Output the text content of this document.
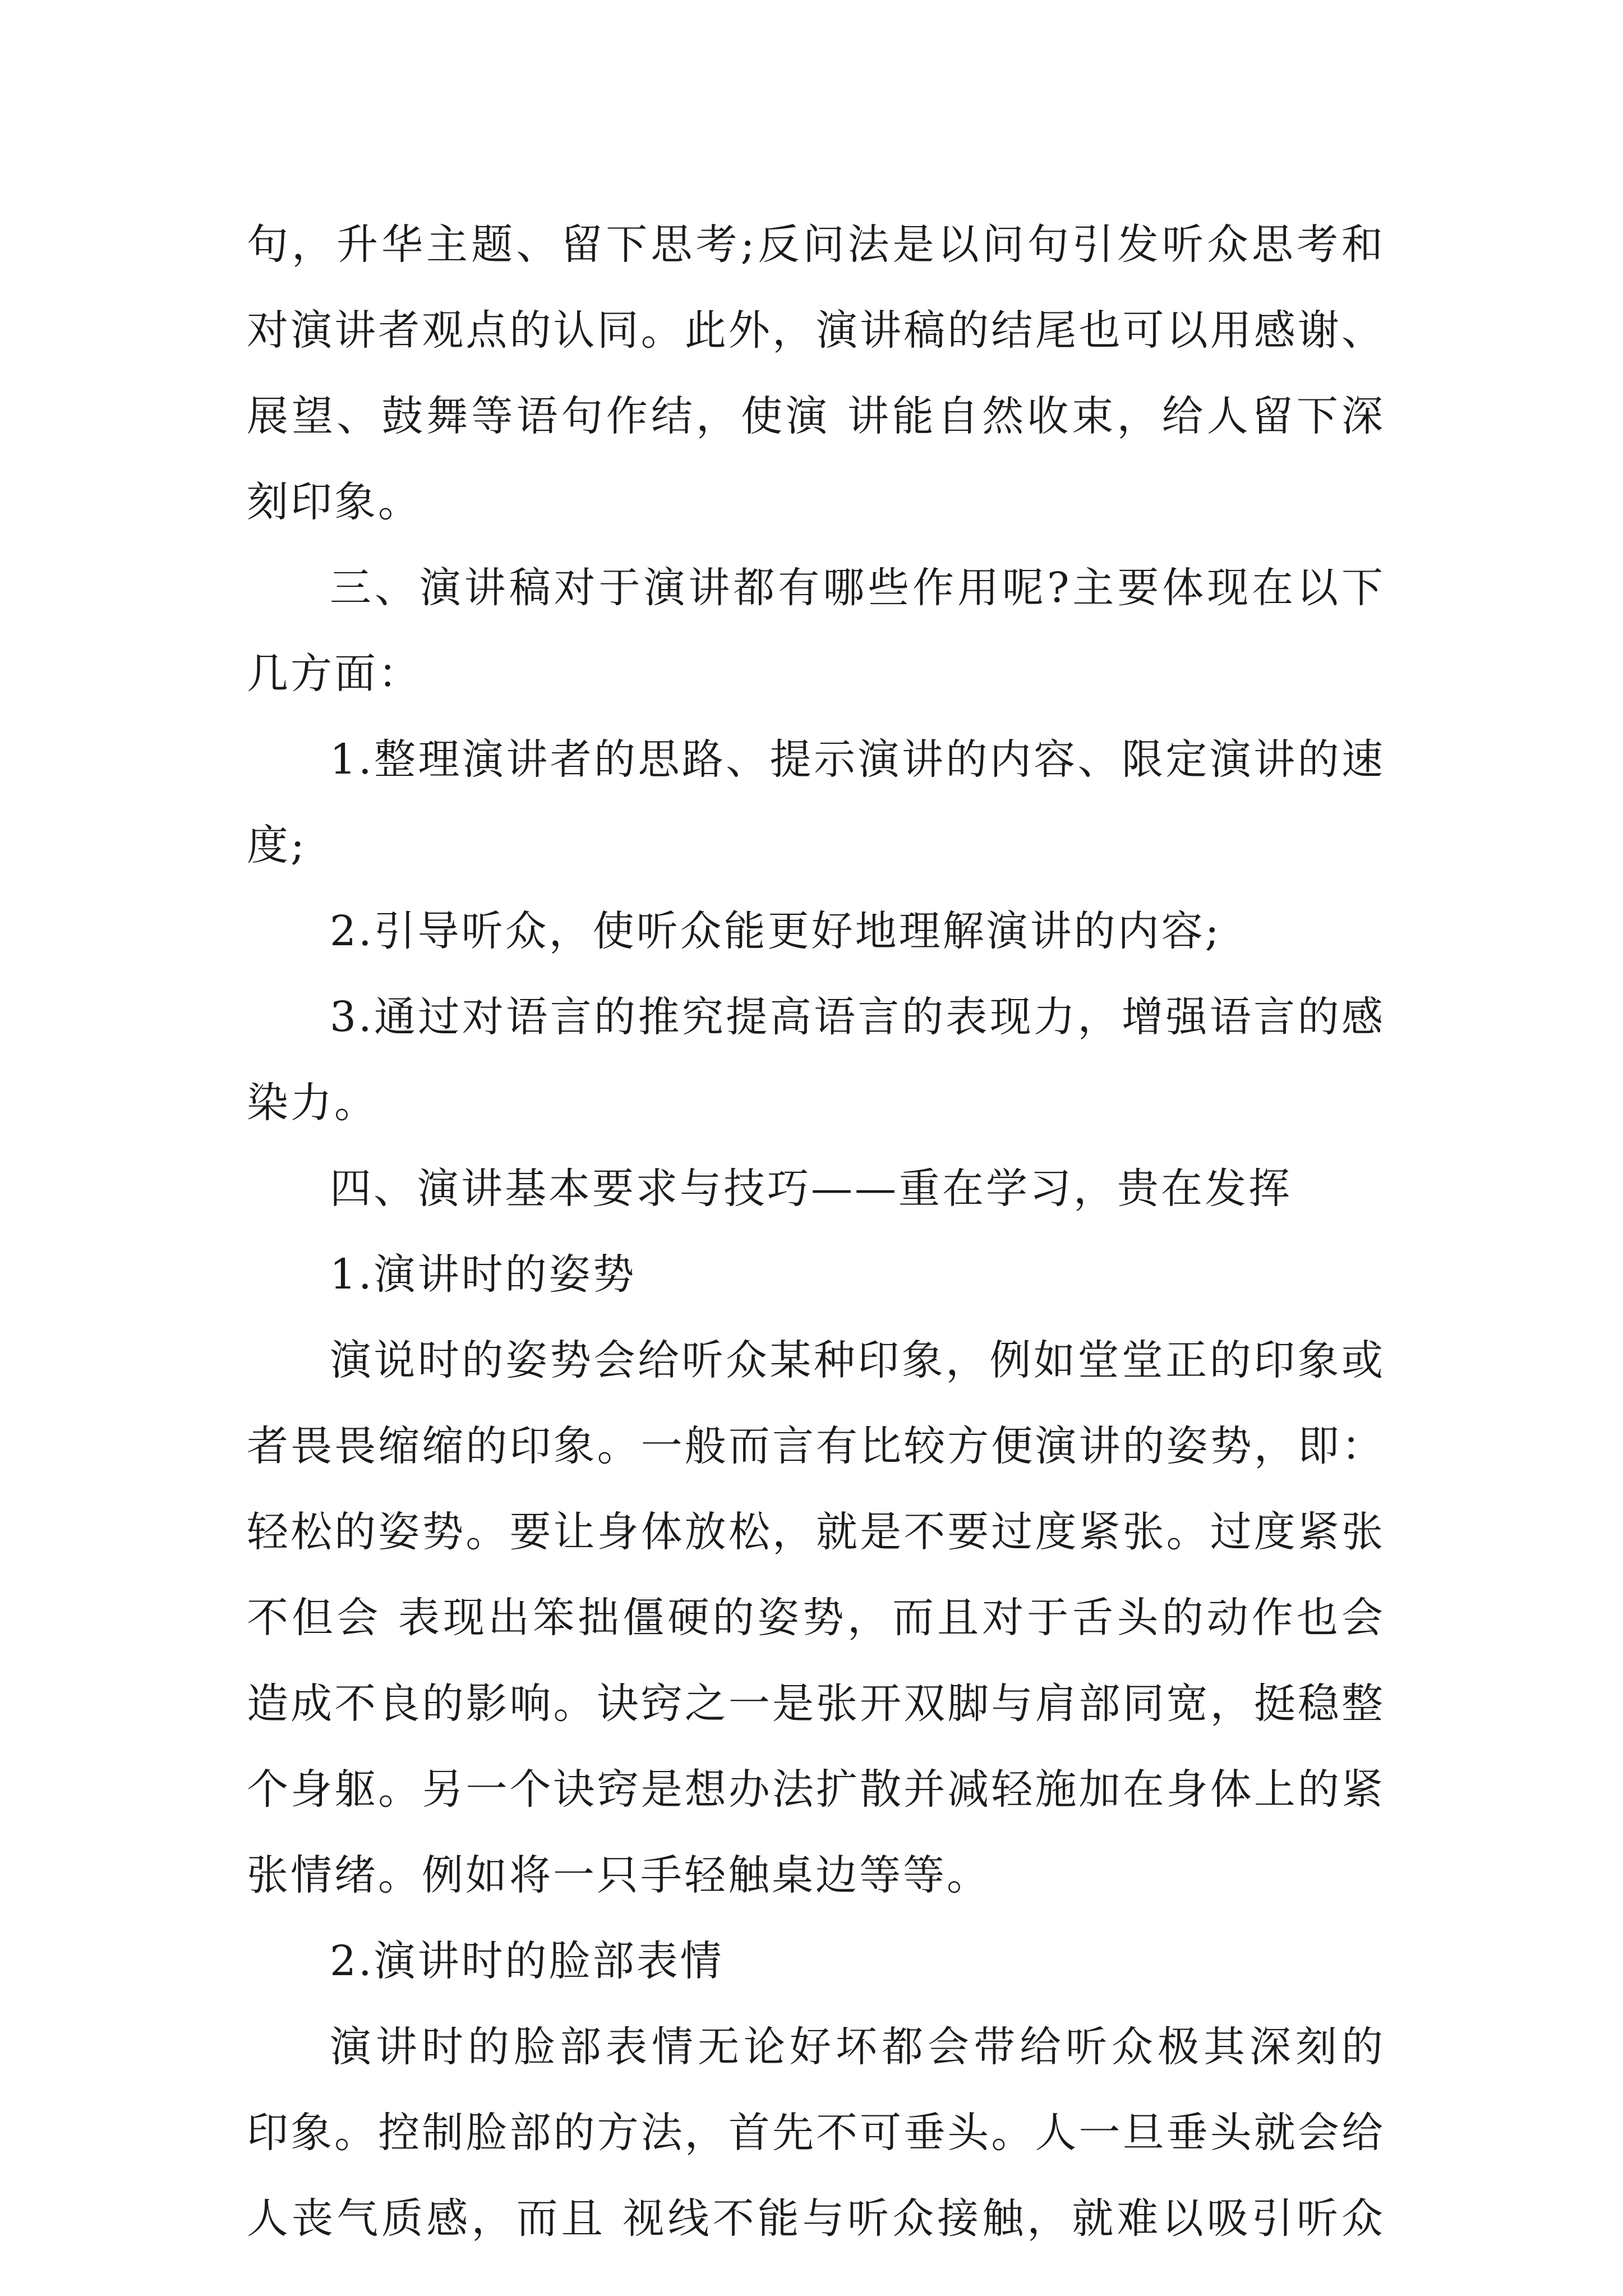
句，升华主题、留下思考;反问法是以问句引发听众思考和
对演讲者观点的认同。此外，演讲稿的结尾也可以用感谢、
展望、鼓舞等语句作结，使演 讲能自然收束，给人留下深
刻印象。
三、演讲稿对于演讲都有哪些作用呢?主要体现在以下
几方面：
1.整理演讲者的思路、提示演讲的内容、限定演讲的速
度;
2.引导听众，使听众能更好地理解演讲的内容;
3.通过对语言的推究提高语言的表现力，增强语言的感
染力。
四、演讲基本要求与技巧——重在学习，贵在发挥
1.演讲时的姿势
演说时的姿势会给听众某种印象，例如堂堂正的印象或
者畏畏缩缩的印象。一般而言有比较方便演讲的姿势，即：
轻松的姿势。要让身体放松，就是不要过度紧张。过度紧张
不但会 表现出笨拙僵硬的姿势，而且对于舌头的动作也会
造成不良的影响。诀窍之一是张开双脚与肩部同宽，挺稳整
个身躯。另一个诀窍是想办法扩散并减轻施加在身体上的紧
张情绪。例如将一只手轻触桌边等等。
2.演讲时的脸部表情
演讲时的脸部表情无论好坏都会带给听众极其深刻的
印象。控制脸部的方法，首先不可垂头。人一旦垂头就会给
人丧气质感，而且 视线不能与听众接触，就难以吸引听众
